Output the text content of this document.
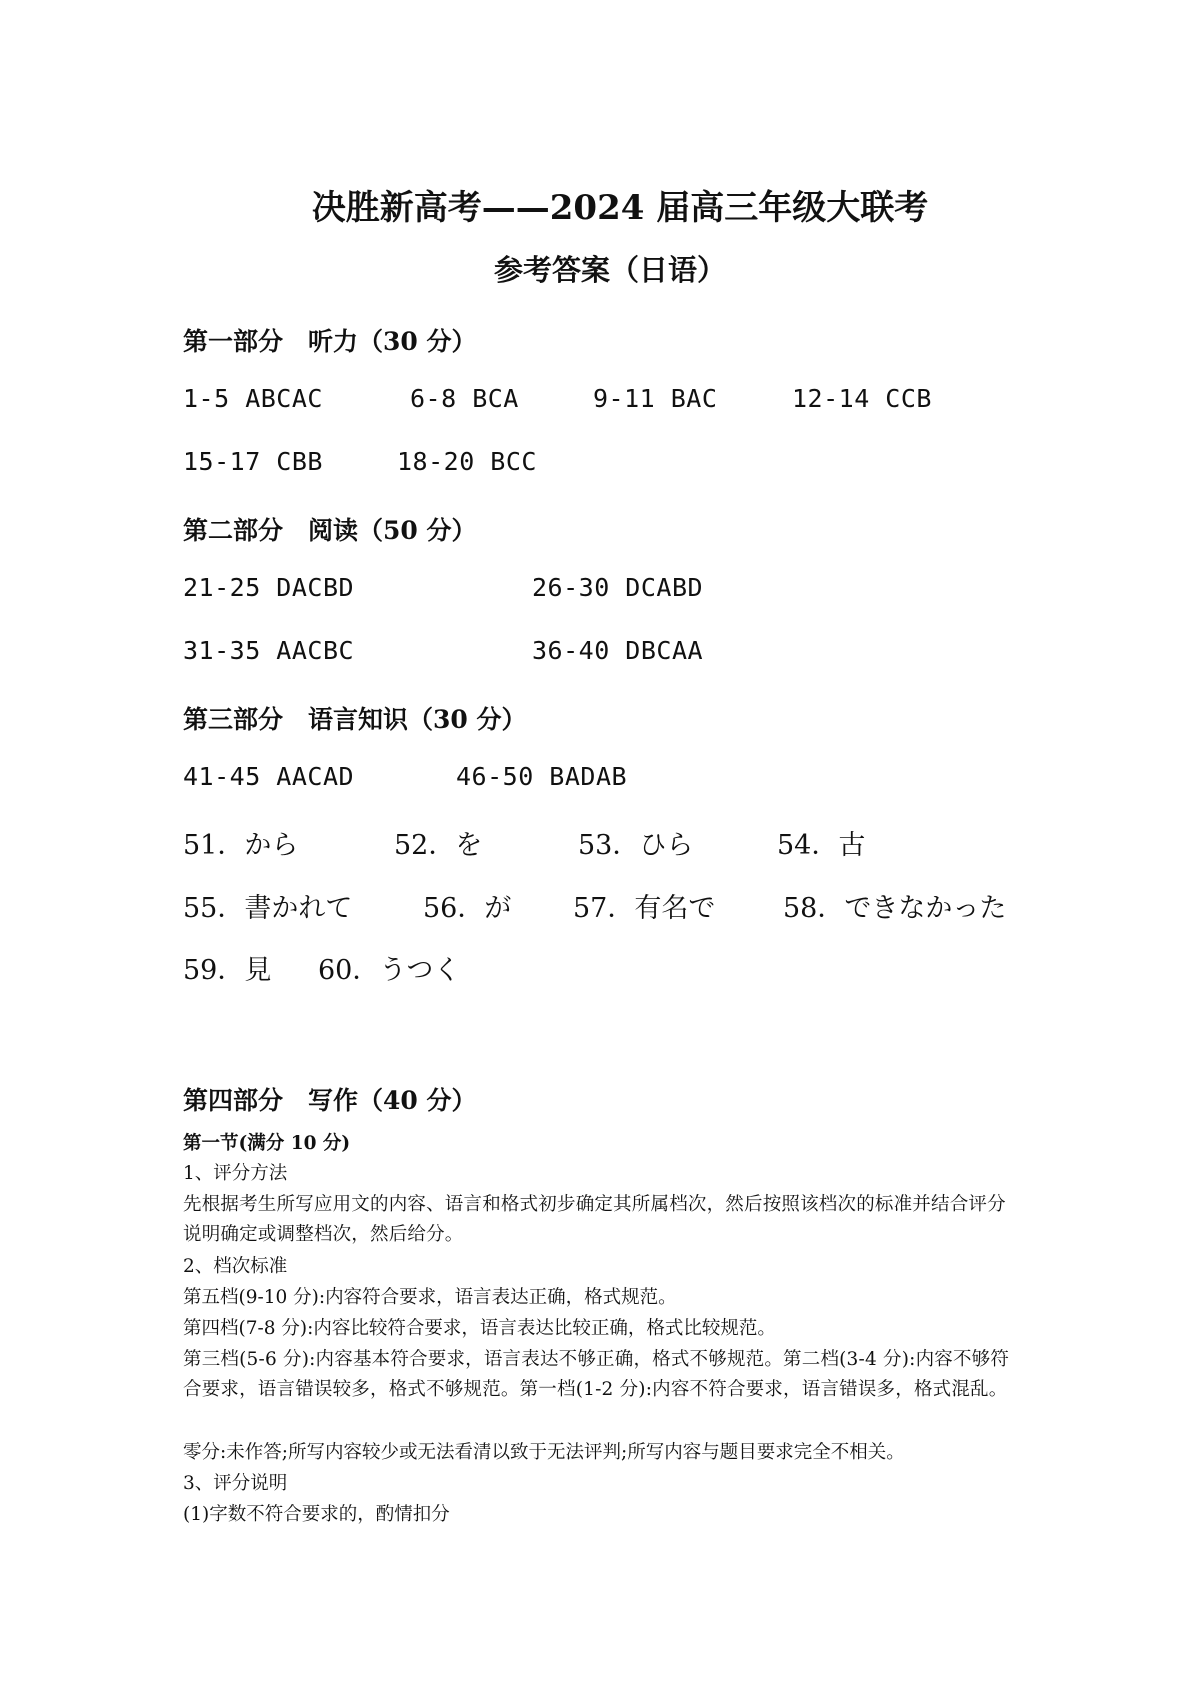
决胜新高考——2024 届高三年级大联考
参考答案（日语）
第一部分　听力（30 分）
1-5 ABCAC	6-8 BCA	9-11 BAC	12-14 CCB
15-17 CBB	18-20 BCC
第二部分　阅读（50 分）
21-25 DACBD	26-30 DCABD
31-35 AACBC	36-40 DBCAA
第三部分　语言知识（30 分）
41-45 AACAD	46-50 BADAB
51．から	52．を	53．ひら	54．古
55．書かれて	56．が 57．有名で	58．できなかった
59．見 60．うつく
第四部分　写作（40 分）
第一节(满分 10 分)
1、评分方法
先根据考生所写应用文的内容、语言和格式初步确定其所属档次，然后按照该档次的标准并结合评分说明确定或调整档次，然后给分。
2、档次标准
第五档(9-10 分):内容符合要求，语言表达正确，格式规范。
第四档(7-8 分):内容比较符合要求，语言表达比较正确，格式比较规范。
第三档(5-6 分):内容基本符合要求，语言表达不够正确，格式不够规范。第二档(3-4 分):内容不够符合要求，语言错误较多，格式不够规范。第一档(1-2 分):内容不符合要求，语言错误多，格式混乱。
零分:未作答;所写内容较少或无法看清以致于无法评判;所写内容与题目要求完全不相关。
3、评分说明
(1)字数不符合要求的，酌情扣分
